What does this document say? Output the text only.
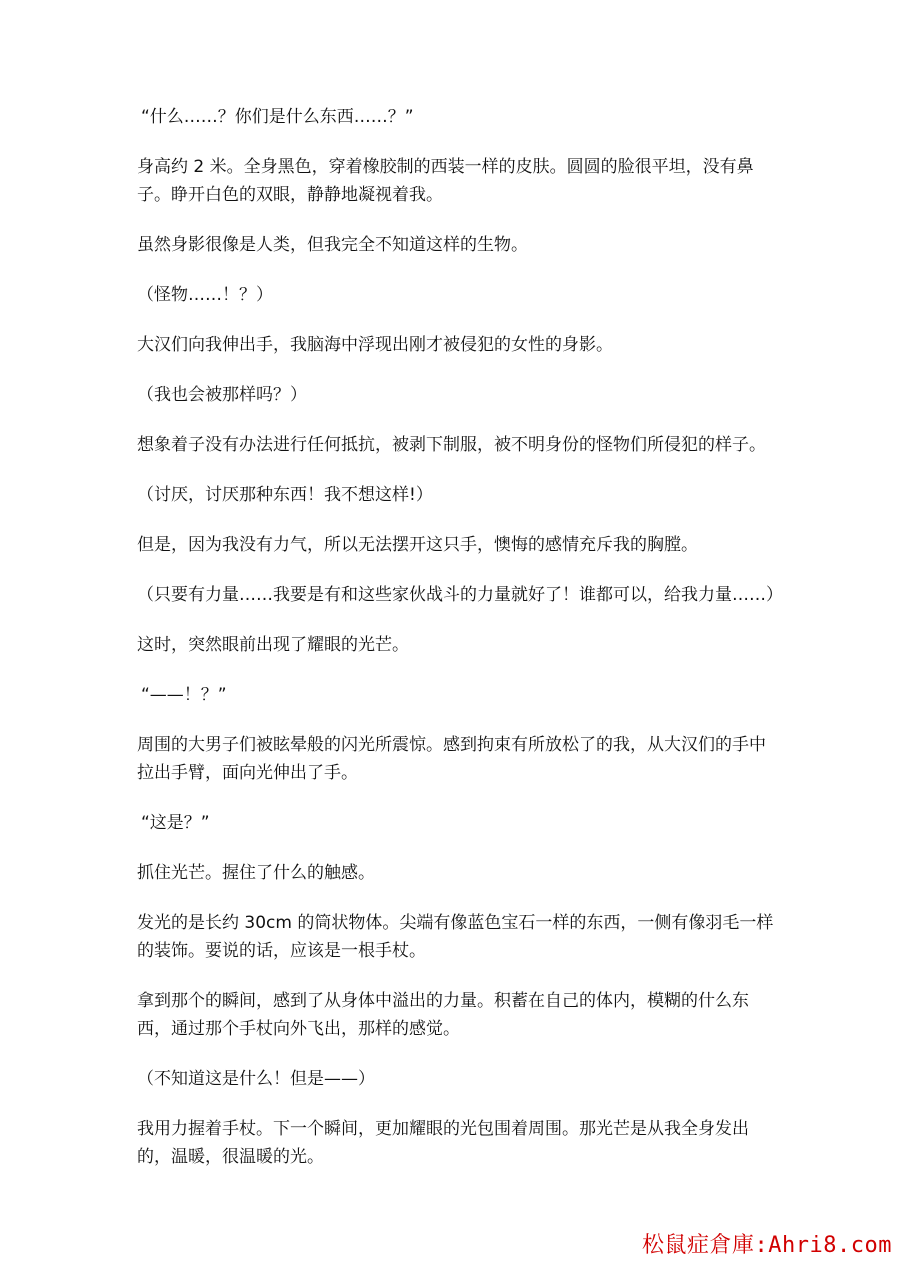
“什么……？你们是什么东西……？”

身高约 2 米。全身黑色，穿着橡胶制的西装一样的皮肤。圆圆的脸很平坦，没有鼻子。睁开白色的双眼，静静地凝视着我。

虽然身影很像是人类，但我完全不知道这样的生物。

（怪物……！？）

大汉们向我伸出手，我脑海中浮现出刚才被侵犯的女性的身影。

（我也会被那样吗？）

想象着子没有办法进行任何抵抗，被剥下制服，被不明身份的怪物们所侵犯的样子。

（讨厌，讨厌那种东西！我不想这样!）

但是，因为我没有力气，所以无法摆开这只手，懊悔的感情充斥我的胸膛。

（只要有力量……我要是有和这些家伙战斗的力量就好了！谁都可以，给我力量……）

这时，突然眼前出现了耀眼的光芒。

“——！？”

周围的大男子们被眩晕般的闪光所震惊。感到拘束有所放松了的我，从大汉们的手中拉出手臂，面向光伸出了手。

“这是？”

抓住光芒。握住了什么的触感。

发光的是长约 30cm 的筒状物体。尖端有像蓝色宝石一样的东西，一侧有像羽毛一样的装饰。要说的话，应该是一根手杖。

拿到那个的瞬间，感到了从身体中溢出的力量。积蓄在自己的体内，模糊的什么东西，通过那个手杖向外飞出，那样的感觉。

（不知道这是什么！但是——）

我用力握着手杖。下一个瞬间，更加耀眼的光包围着周围。那光芒是从我全身发出的，温暖，很温暖的光。

松鼠症倉庫:Ahri8.com
